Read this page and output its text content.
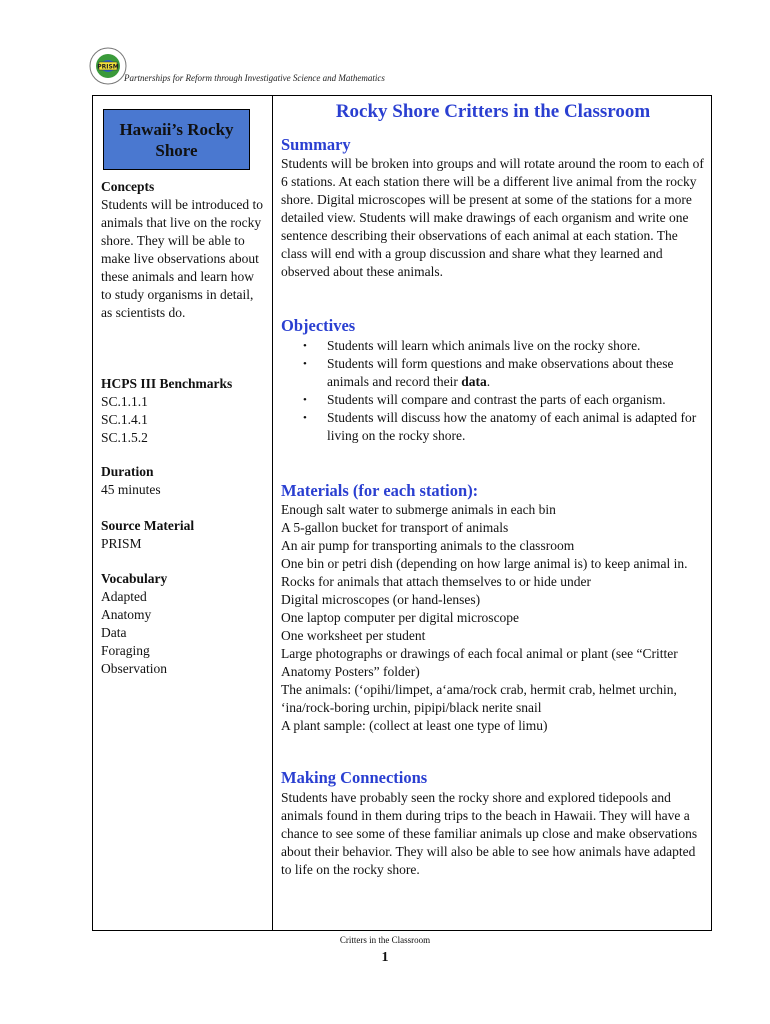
PRISM
Partnerships for Reform through Investigative Science and Mathematics
Hawaii’s Rocky Shore
Concepts

Students will be introduced to animals that live on the rocky shore. They will be able to make live observations about these animals and learn how to study organisms in detail, as scientists do.

HCPS III Benchmarks

SC.1.1.1

SC.1.4.1

SC.1.5.2

Duration

45 minutes

Source Material

PRISM

Vocabulary

Adapted

Anatomy

Data

Foraging

Observation

Rocky Shore Critters in the Classroom
Summary

Students will be broken into groups and will rotate around the room to each of 6 stations. At each station there will be a different live animal from the rocky shore. Digital microscopes will be present at some of the stations for a more detailed view. Students will make drawings of each organism and write one sentence describing their observations of each animal at each station. The class will end with a group discussion and share what they learned and observed about these animals.

Objectives
• Students will learn which animals live on the rocky shore.
• Students will form questions and make observations about these animals and record their data.
• Students will compare and contrast the parts of each organism.
• Students will discuss how the anatomy of each animal is adapted for living on the rocky shore.
Materials (for each station):
Enough salt water to submerge animals in each bin
A 5-gallon bucket for transport of animals
An air pump for transporting animals to the classroom
One bin or petri dish (depending on how large animal is) to keep animal in.
Rocks for animals that attach themselves to or hide under
Digital microscopes (or hand-lenses)
One laptop computer per digital microscope
One worksheet per student
Large photographs or drawings of each focal animal or plant (see “Critter Anatomy Posters” folder)
The animals: (‘opihi/limpet, a‘ama/rock crab, hermit crab, helmet urchin, ‘ina/rock-boring urchin, pipipi/black nerite snail
A plant sample: (collect at least one type of limu)
Making Connections

Students have probably seen the rocky shore and explored tidepools and animals found in them during trips to the beach in Hawaii. They will have a chance to see some of these familiar animals up close and make observations about their behavior. They will also be able to see how animals have adapted to life on the rocky shore.

Critters in the Classroom
1
